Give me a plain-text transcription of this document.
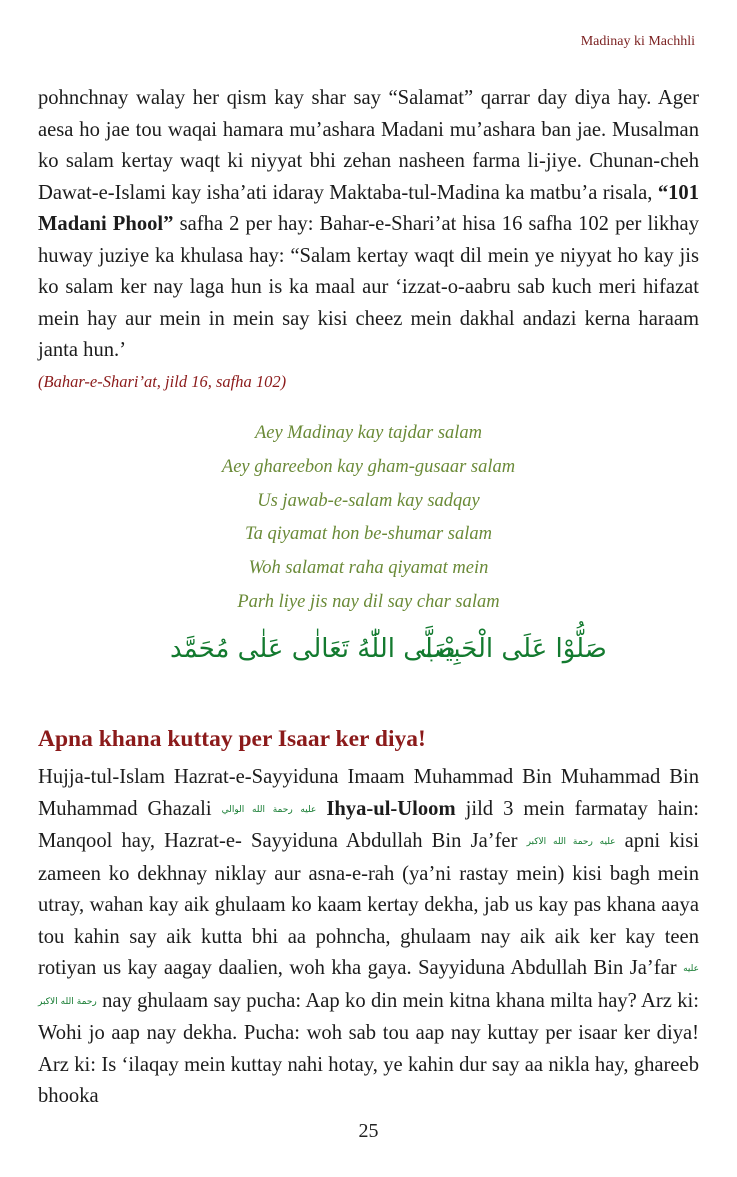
Madinay ki Machhli

pohnchnay walay her qism kay shar say “Salamat” qarrar day diya hay. Ager aesa ho jae tou waqai hamara mu’ashara Madani mu’ashara ban jae. Musalman ko salam kertay waqt ki niyyat bhi zehan nasheen farma li-jiye. Chunan-cheh Dawat-e-Islami kay isha’ati idaray Maktaba-tul-Madina ka matbu’a risala, “101 Madani Phool” safha 2 per hay: Bahar-e-Shari’at hisa 16 safha 102 per likhay huway juziye ka khulasa hay: “Salam kertay waqt dil mein ye niyyat ho kay jis ko salam ker nay laga hun is ka maal aur ‘izzat-o-aabru sab kuch meri hifazat mein hay aur mein in mein say kisi cheez mein dakhal andazi kerna haraam janta hun.’

(Bahar-e-Shari’at, jild 16, safha 102)
Aey Madinay kay tajdar salam
Aey ghareebon kay gham-gusaar salam
Us jawab-e-salam kay sadqay
Ta qiyamat hon be-shumar salam
Woh salamat raha qiyamat mein
Parh liye jis nay dil say char salam
صَلَّى اللّٰهُ تَعَالٰى عَلٰى مُحَمَّد
صَلُّوْا عَلَى الْحَبِيْب
Apna khana kuttay per Isaar ker diya!

Hujja-tul-Islam Hazrat-e-Sayyiduna Imaam Muhammad Bin Muhammad Bin Muhammad Ghazali عليه رحمة الله الوالي Ihya-ul-Uloom jild 3 mein farmatay hain: Manqool hay, Hazrat-e- Sayyiduna Abdullah Bin Ja’fer عليه رحمة الله الاكبر apni kisi zameen ko dekhnay niklay aur asna-e-rah (ya’ni rastay mein) kisi bagh mein utray, wahan kay aik ghulaam ko kaam kertay dekha, jab us kay pas khana aaya tou kahin say aik kutta bhi aa pohncha, ghulaam nay aik aik ker kay teen rotiyan us kay aagay daalien, woh kha gaya. Sayyiduna Abdullah Bin Ja’far عليه رحمة الله الاكبر nay ghulaam say pucha: Aap ko din mein kitna khana milta hay? Arz ki: Wohi jo aap nay dekha. Pucha: woh sab tou aap nay kuttay per isaar ker diya! Arz ki: Is ‘ilaqay mein kuttay nahi hotay, ye kahin dur say aa nikla hay, ghareeb bhooka

25
